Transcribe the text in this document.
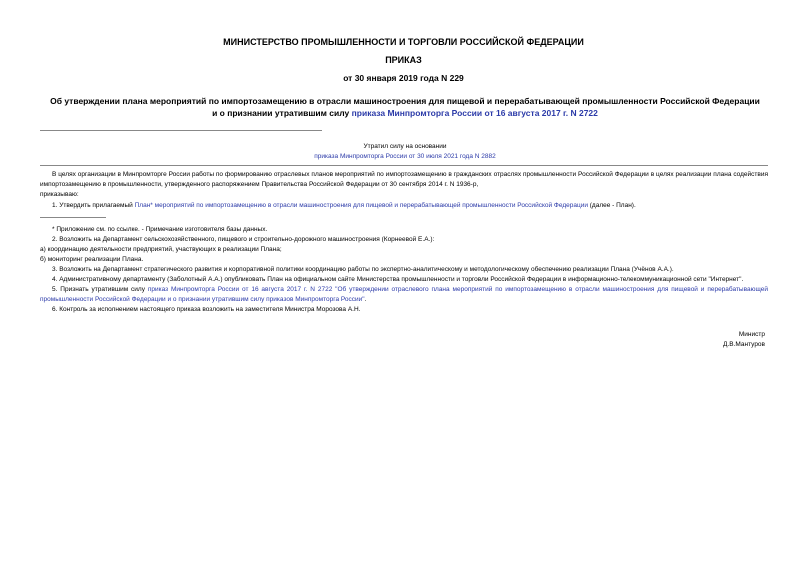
МИНИСТЕРСТВО ПРОМЫШЛЕННОСТИ И ТОРГОВЛИ РОССИЙСКОЙ ФЕДЕРАЦИИ
ПРИКАЗ
от 30 января 2019 года N 229
Об утверждении плана мероприятий по импортозамещению в отрасли машиностроения для пищевой и перерабатывающей промышленности Российской Федерации и о признании утратившим силу приказа Минпромторга России от 16 августа 2017 г. N 2722
Утратил силу на основании
приказа Минпромторга России от 30 июля 2021 года N 2882

В целях организации в Минпромторге России работы по формированию отраслевых планов мероприятий по импортозамещению в гражданских отраслях промышленности Российской Федерации в целях реализации плана содействия импортозамещению в промышленности, утвержденного распоряжением Правительства Российской Федерации от 30 сентября 2014 г. N 1936-р,

приказываю:

1. Утвердить прилагаемый План* мероприятий по импортозамещению в отрасли машиностроения для пищевой и перерабатывающей промышленности Российской Федерации (далее - План).

* Приложение см. по ссылке. - Примечание изготовителя базы данных.

2. Возложить на Департамент сельскохозяйственного, пищевого и строительно-дорожного машиностроения (Корнеевой Е.А.):

а) координацию деятельности предприятий, участвующих в реализации Плана;

б) мониторинг реализации Плана.

3. Возложить на Департамент стратегического развития и корпоративной политики координацию работы по экспертно-аналитическому и методологическому обеспечению реализации Плана (Учёнов А.А.).

4. Административному департаменту (Заболотный А.А.) опубликовать План на официальном сайте Министерства промышленности и торговли Российской Федерации в информационно-телекоммуникационной сети "Интернет".

5. Признать утратившим силу приказ Минпромторга России от 16 августа 2017 г. N 2722 "Об утверждении отраслевого плана мероприятий по импортозамещению в отрасли машиностроения для пищевой и перерабатывающей промышленности Российской Федерации и о признании утратившим силу приказов Минпромторга России".

6. Контроль за исполнением настоящего приказа возложить на заместителя Министра Морозова А.Н.

Министр
Д.В.Мантуров
